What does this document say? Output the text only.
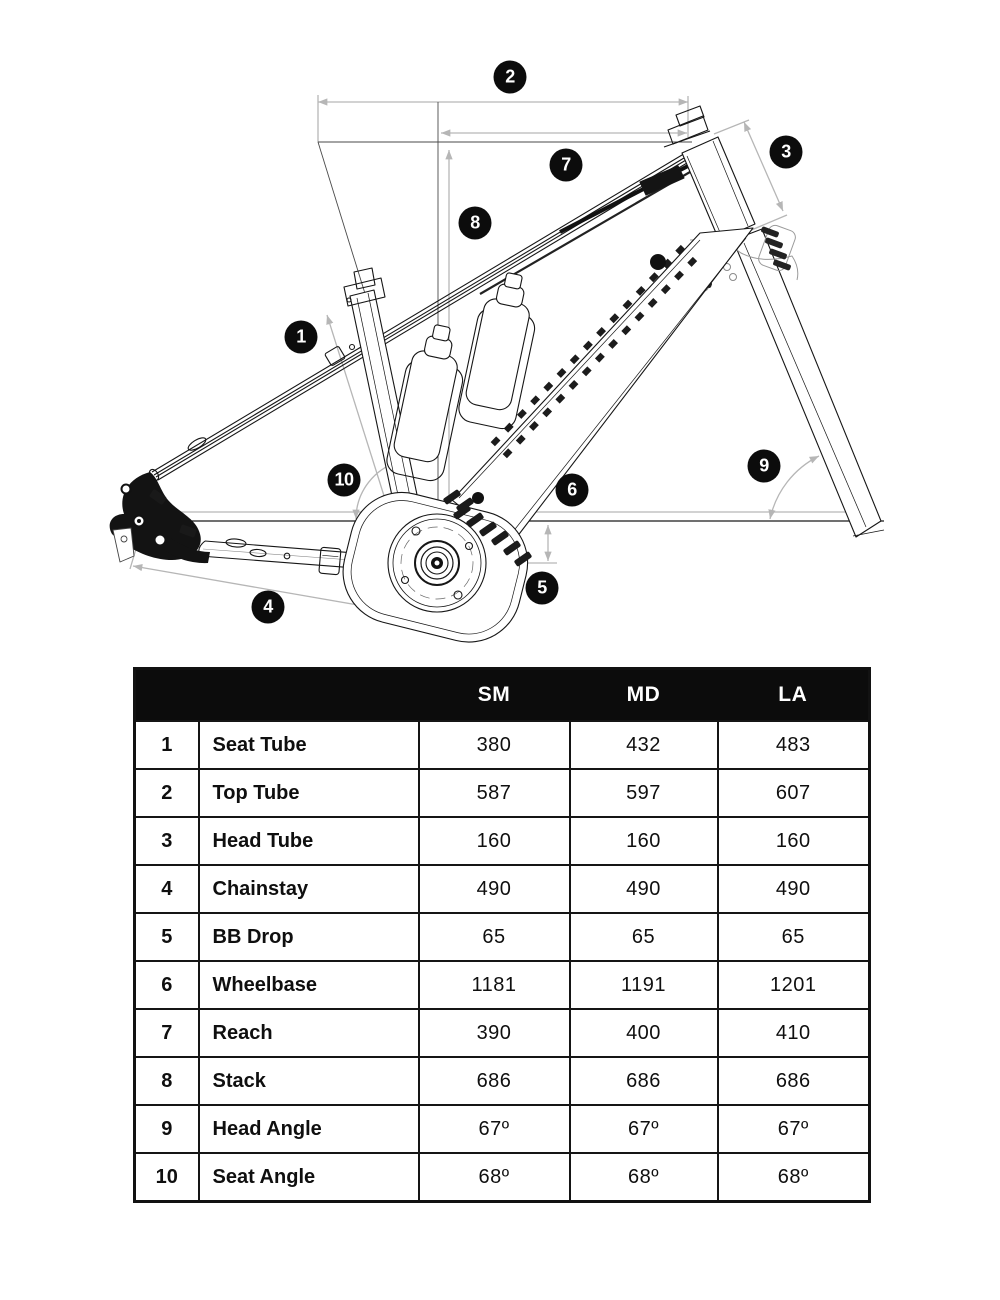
1
2
3
4
5
6
7
8
9
10
		SM	MD	LA
1	Seat Tube	380	432	483
2	Top Tube	587	597	607
3	Head Tube	160	160	160
4	Chainstay	490	490	490
5	BB Drop	65	65	65
6	Wheelbase	1181	1191	1201
7	Reach	390	400	410
8	Stack	686	686	686
9	Head Angle	67º	67º	67º
10	Seat Angle	68º	68º	68º
